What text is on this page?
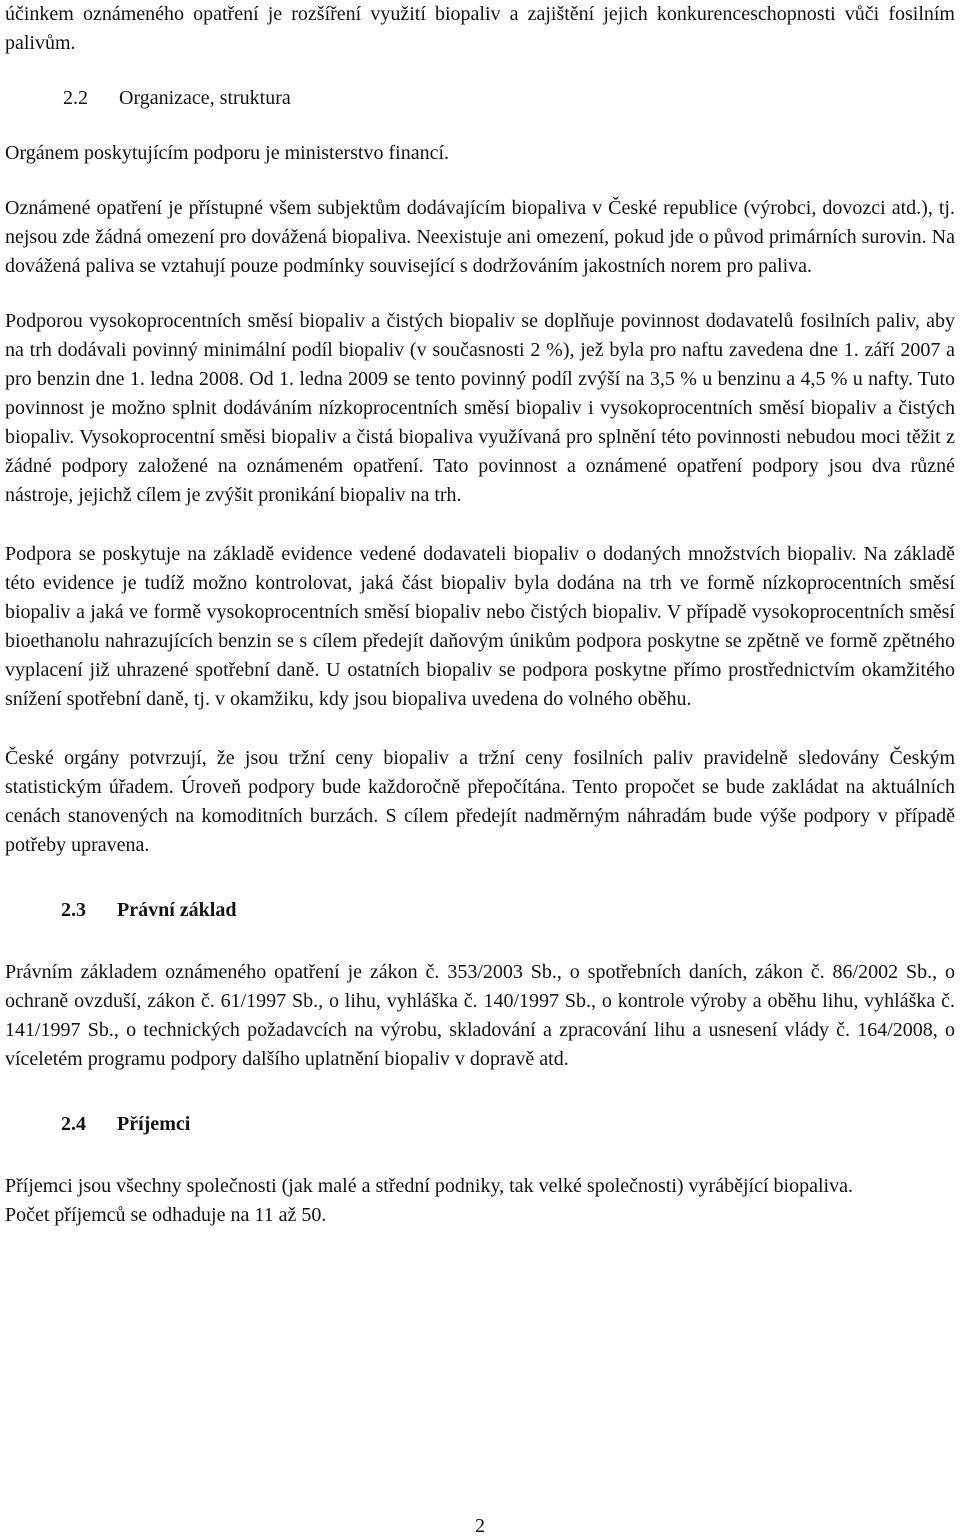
účinkem oznámeného opatření je rozšíření využití biopaliv a zajištění jejich konkurenceschopnosti vůči fosilním palivům.

2.2 Organizace, struktura

Orgánem poskytujícím podporu je ministerstvo financí.

Oznámené opatření je přístupné všem subjektům dodávajícím biopaliva v České republice (výrobci, dovozci atd.), tj. nejsou zde žádná omezení pro dovážená biopaliva. Neexistuje ani omezení, pokud jde o původ primárních surovin. Na dovážená paliva se vztahují pouze podmínky související s dodržováním jakostních norem pro paliva.

Podporou vysokoprocentních směsí biopaliv a čistých biopaliv se doplňuje povinnost dodavatelů fosilních paliv, aby na trh dodávali povinný minimální podíl biopaliv (v současnosti 2 %), jež byla pro naftu zavedena dne 1. září 2007 a pro benzin dne 1. ledna 2008. Od 1. ledna 2009 se tento povinný podíl zvýší na 3,5 % u benzinu a 4,5 % u nafty. Tuto povinnost je možno splnit dodáváním nízkoprocentních směsí biopaliv i vysokoprocentních směsí biopaliv a čistých biopaliv. Vysokoprocentní směsi biopaliv a čistá biopaliva využívaná pro splnění této povinnosti nebudou moci těžit z žádné podpory založené na oznámeném opatření. Tato povinnost a oznámené opatření podpory jsou dva různé nástroje, jejichž cílem je zvýšit pronikání biopaliv na trh.

Podpora se poskytuje na základě evidence vedené dodavateli biopaliv o dodaných množstvích biopaliv. Na základě této evidence je tudíž možno kontrolovat, jaká část biopaliv byla dodána na trh ve formě nízkoprocentních směsí biopaliv a jaká ve formě vysokoprocentních směsí biopaliv nebo čistých biopaliv. V případě vysokoprocentních směsí bioethanolu nahrazujících benzin se s cílem předejít daňovým únikům podpora poskytne se zpětně ve formě zpětného vyplacení již uhrazené spotřební daně. U ostatních biopaliv se podpora poskytne přímo prostřednictvím okamžitého snížení spotřební daně, tj. v okamžiku, kdy jsou biopaliva uvedena do volného oběhu.

České orgány potvrzují, že jsou tržní ceny biopaliv a tržní ceny fosilních paliv pravidelně sledovány Českým statistickým úřadem. Úroveň podpory bude každoročně přepočítána. Tento propočet se bude zakládat na aktuálních cenách stanovených na komoditních burzách. S cílem předejít nadměrným náhradám bude výše podpory v případě potřeby upravena.

2.3 Právní základ

Právním základem oznámeného opatření je zákon č. 353/2003 Sb., o spotřebních daních, zákon č. 86/2002 Sb., o ochraně ovzduší, zákon č. 61/1997 Sb., o lihu, vyhláška č. 140/1997 Sb., o kontrole výroby a oběhu lihu, vyhláška č. 141/1997 Sb., o technických požadavcích na výrobu, skladování a zpracování lihu a usnesení vlády č. 164/2008, o víceletém programu podpory dalšího uplatnění biopaliv v dopravě atd.

2.4 Příjemci

Příjemci jsou všechny společnosti (jak malé a střední podniky, tak velké společnosti) vyrábějící biopaliva.

Počet příjemců se odhaduje na 11 až 50.

2
